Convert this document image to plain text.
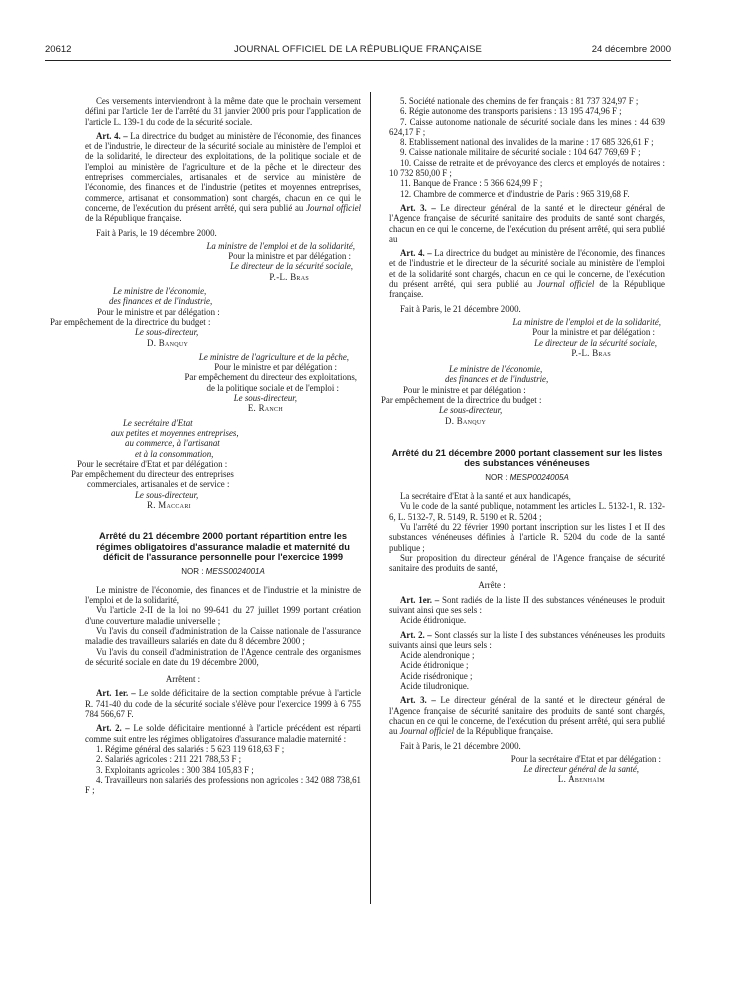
20612	JOURNAL OFFICIEL DE LA RÉPUBLIQUE FRANÇAISE	24 décembre 2000

Ces versements interviendront à la même date que le prochain versement défini par l'article 1er de l'arrêté du 31 janvier 2000 pris pour l'application de l'article L. 139-1 du code de la sécurité sociale.

Art. 4. – La directrice du budget au ministère de l'économie, des finances et de l'industrie, le directeur de la sécurité sociale au ministère de l'emploi et de la solidarité, le directeur des exploitations, de la politique sociale et de l'emploi au ministère de l'agriculture et de la pêche et le directeur des entreprises commerciales, artisanales et de service au ministère de l'économie, des finances et de l'industrie (petites et moyennes entreprises, commerce, artisanat et consommation) sont chargés, chacun en ce qui le concerne, de l'exécution du présent arrêté, qui sera publié au Journal officiel de la République française.

Fait à Paris, le 19 décembre 2000.

La ministre de l'emploi et de la solidarité,

Pour la ministre et par délégation :

Le directeur de la sécurité sociale,

P.-L. Bras

Le ministre de l'économie,

des finances et de l'industrie,

Pour le ministre et par délégation :

Par empêchement de la directrice du budget :

Le sous-directeur,

D. Banquy

Le ministre de l'agriculture et de la pêche,

Pour le ministre et par délégation :

Par empêchement du directeur des exploitations,

de la politique sociale et de l'emploi :

Le sous-directeur,

E. Ranch

Le secrétaire d'Etat

aux petites et moyennes entreprises,

au commerce, à l'artisanat

et à la consommation,

Pour le secrétaire d'Etat et par délégation :

Par empêchement du directeur des entreprises

commerciales, artisanales et de service :

Le sous-directeur,

R. Maccari

Arrêté du 21 décembre 2000 portant répartition entre les régimes obligatoires d'assurance maladie et maternité du déficit de l'assurance personnelle pour l'exercice 1999

NOR : MESS0024001A

Le ministre de l'économie, des finances et de l'industrie et la ministre de l'emploi et de la solidarité,

Vu l'article 2-II de la loi no 99-641 du 27 juillet 1999 portant création d'une couverture maladie universelle ;

Vu l'avis du conseil d'administration de la Caisse nationale de l'assurance maladie des travailleurs salariés en date du 8 décembre 2000 ;

Vu l'avis du conseil d'administration de l'Agence centrale des organismes de sécurité sociale en date du 19 décembre 2000,

Arrêtent :

Art. 1er. – Le solde déficitaire de la section comptable prévue à l'article R. 741-40 du code de la sécurité sociale s'élève pour l'exercice 1999 à 6 755 784 566,67 F.

Art. 2. – Le solde déficitaire mentionné à l'article précédent est réparti comme suit entre les régimes obligatoires d'assurance maladie maternité :

1. Régime général des salariés : 5 623 119 618,63 F ;

2. Salariés agricoles : 211 221 788,53 F ;

3. Exploitants agricoles : 300 384 105,83 F ;

4. Travailleurs non salariés des professions non agricoles : 342 088 738,61 F ;

5. Société nationale des chemins de fer français : 81 737 324,97 F ;

6. Régie autonome des transports parisiens : 13 195 474,96 F ;

7. Caisse autonome nationale de sécurité sociale dans les mines : 44 639 624,17 F ;

8. Etablissement national des invalides de la marine : 17 685 326,61 F ;

9. Caisse nationale militaire de sécurité sociale : 104 647 769,69 F ;

10. Caisse de retraite et de prévoyance des clercs et employés de notaires : 10 732 850,00 F ;

11. Banque de France : 5 366 624,99 F ;

12. Chambre de commerce et d'industrie de Paris : 965 319,68 F.

Art. 3. – Le directeur général de la santé et le directeur général de l'Agence française de sécurité sanitaire des produits de santé sont chargés, chacun en ce qui le concerne, de l'exécution du présent arrêté, qui sera publié au

Art. 4. – La directrice du budget au ministère de l'économie, des finances et de l'industrie et le directeur de la sécurité sociale au ministère de l'emploi et de la solidarité sont chargés, chacun en ce qui le concerne, de l'exécution du présent arrêté, qui sera publié au Journal officiel de la République française.

Fait à Paris, le 21 décembre 2000.

La ministre de l'emploi et de la solidarité,

Pour la ministre et par délégation :

Le directeur de la sécurité sociale,

P.-L. Bras

Le ministre de l'économie,

des finances et de l'industrie,

Pour le ministre et par délégation :

Par empêchement de la directrice du budget :

Le sous-directeur,

D. Banquy

Arrêté du 21 décembre 2000 portant classement sur les listes des substances vénéneuses

NOR : MESP0024005A

La secrétaire d'Etat à la santé et aux handicapés,

Vu le code de la santé publique, notamment les articles L. 5132-1, R. 132-6, L. 5132-7, R. 5149, R. 5190 et R. 5204 ;

Vu l'arrêté du 22 février 1990 portant inscription sur les listes I et II des substances vénéneuses définies à l'article R. 5204 du code de la santé publique ;

Sur proposition du directeur général de l'Agence française de sécurité sanitaire des produits de santé,

Arrête :

Art. 1er. – Sont radiés de la liste II des substances vénéneuses le produit suivant ainsi que ses sels :

Acide étidronique.

Art. 2. – Sont classés sur la liste I des substances vénéneuses les produits suivants ainsi que leurs sels :

Acide alendronique ;

Acide étidronique ;

Acide risédronique ;

Acide tiludronique.

Art. 3. – Le directeur général de la santé et le directeur général de l'Agence française de sécurité sanitaire des produits de santé sont chargés, chacun en ce qui le concerne, de l'exécution du présent arrêté, qui sera publié au Journal officiel de la République française.

Fait à Paris, le 21 décembre 2000.

Pour la secrétaire d'Etat et par délégation :

Le directeur général de la santé,

L. Abenhaïm
